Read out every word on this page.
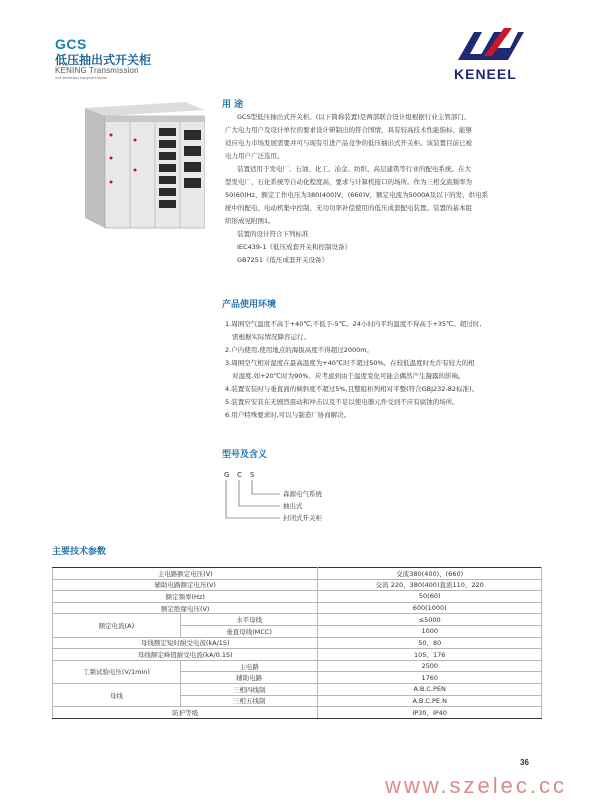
GCS
低压抽出式开关柜
KENING Transmission
And distribution equipment stylish	KENEEL
用 途

GCS型低压抽出式开关柜。(以下简称装置)是两部联合设计组根据行业主管部门、

广大电力用户及设计单位的要求设计研制出的符合国情，具有较高技术性能指标、能够

适应电力市场发展需要并可与现有引进产品竞争的低压抽出式开关柜。该装置目前已被

电力用户广泛选用。

装置适用于发电厂、石油、化工、冶金、纺织、高层建筑等行业的配电系统。在大

型发电厂、石化系统等自动化程度高，要求与计算机接口的场所。作为三相交流频率为

50(60)Hz、额定工作电压为380(400)V、(660)V，额定电流为5000A及以下的发、供电系

统中的配电、电动机集中控制、无功功率补偿使用的低压成套配电装置。装置的基本组

织形成见附图1。

装置的设计符合下列标准

IEC439-1《低压成套开关和控制设备》

GB7251《低压成套开关设备》

产品使用环境

1.周围空气温度不高于+40℃,不低于-5℃。24小时内平均温度不得高于+35℃。超过时,

需根据实际情况降容运行。

2.户内使用,使用地点的海拔高度不得超过2000m。

3.周围空气相对湿度在最高温度为+40℃时不超过50%。在较低温度时允许有较大的相

对湿度,如+20℃时为90%、应考虑到由于温度变化可能会偶然产生凝露的影响。

4.装置安装时与垂直面的倾斜度不超过5%,且整组柜列相对平整(符合GBJ232-82标准)。

5.装置应安装在无剧烈震动和冲击以及不足以使电器元件受到不应有腐蚀的场所。

6.用户特殊要求时,可以与制造厂协商解决。

型号及含义
G C S
森源电气系统
抽出式
封闭式开关柜
主要技术参数
主电路额定电压(V)		交流380(400)、(660)
辅助电路额定电压(V)		交流 220、380(400)直流110、220
额定频率(Hz)		50(60)
额定绝缘电压(V)		600(1000)
额定电流(A)	水平母线	≤5000
	垂直母线(MCC)	1000
母线额定短时耐受电流(kA/1S)		50、80
母线额定峰值耐受电流(kA/0.1S)		105、176
工频试验电压(V/1min)	主电路	2500
	辅助电路	1760
母线	三相四线制	A.B.C.PEN
	三相五线制	A.B.C.PE.N
防护等级		IP30、IP40
36
www.szelec.cc
